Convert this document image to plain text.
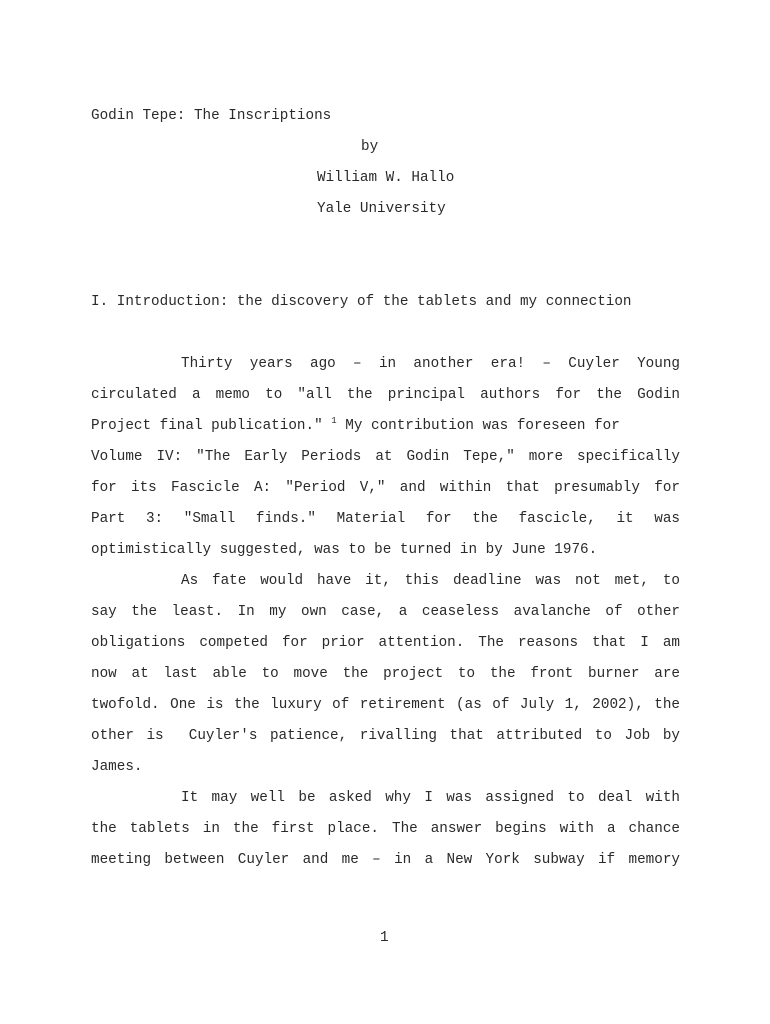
Godin Tepe: The Inscriptions
by
William W. Hallo
Yale University
I. Introduction: the discovery of the tablets and my connection
Thirty years ago – in another era! – Cuyler Young
circulated a memo to "all the principal authors for the Godin
Project final publication." $^1$ My contribution was foreseen for
Volume IV: "The Early Periods at Godin Tepe," more specifically
for its Fascicle A: "Period V," and within that presumably for
Part 3: "Small finds." Material for the fascicle, it was
optimistically suggested, was to be turned in by June 1976.
As fate would have it, this deadline was not met, to
say the least. In my own case, a ceaseless avalanche of other
obligations competed for prior attention. The reasons that I am
now at last able to move the project to the front burner are
twofold. One is the luxury of retirement (as of July 1, 2002), the
other is  Cuyler's patience, rivalling that attributed to Job by
James.
It may well be asked why I was assigned to deal with
the tablets in the first place. The answer begins with a chance
meeting between Cuyler and me – in a New York subway if memory
1
